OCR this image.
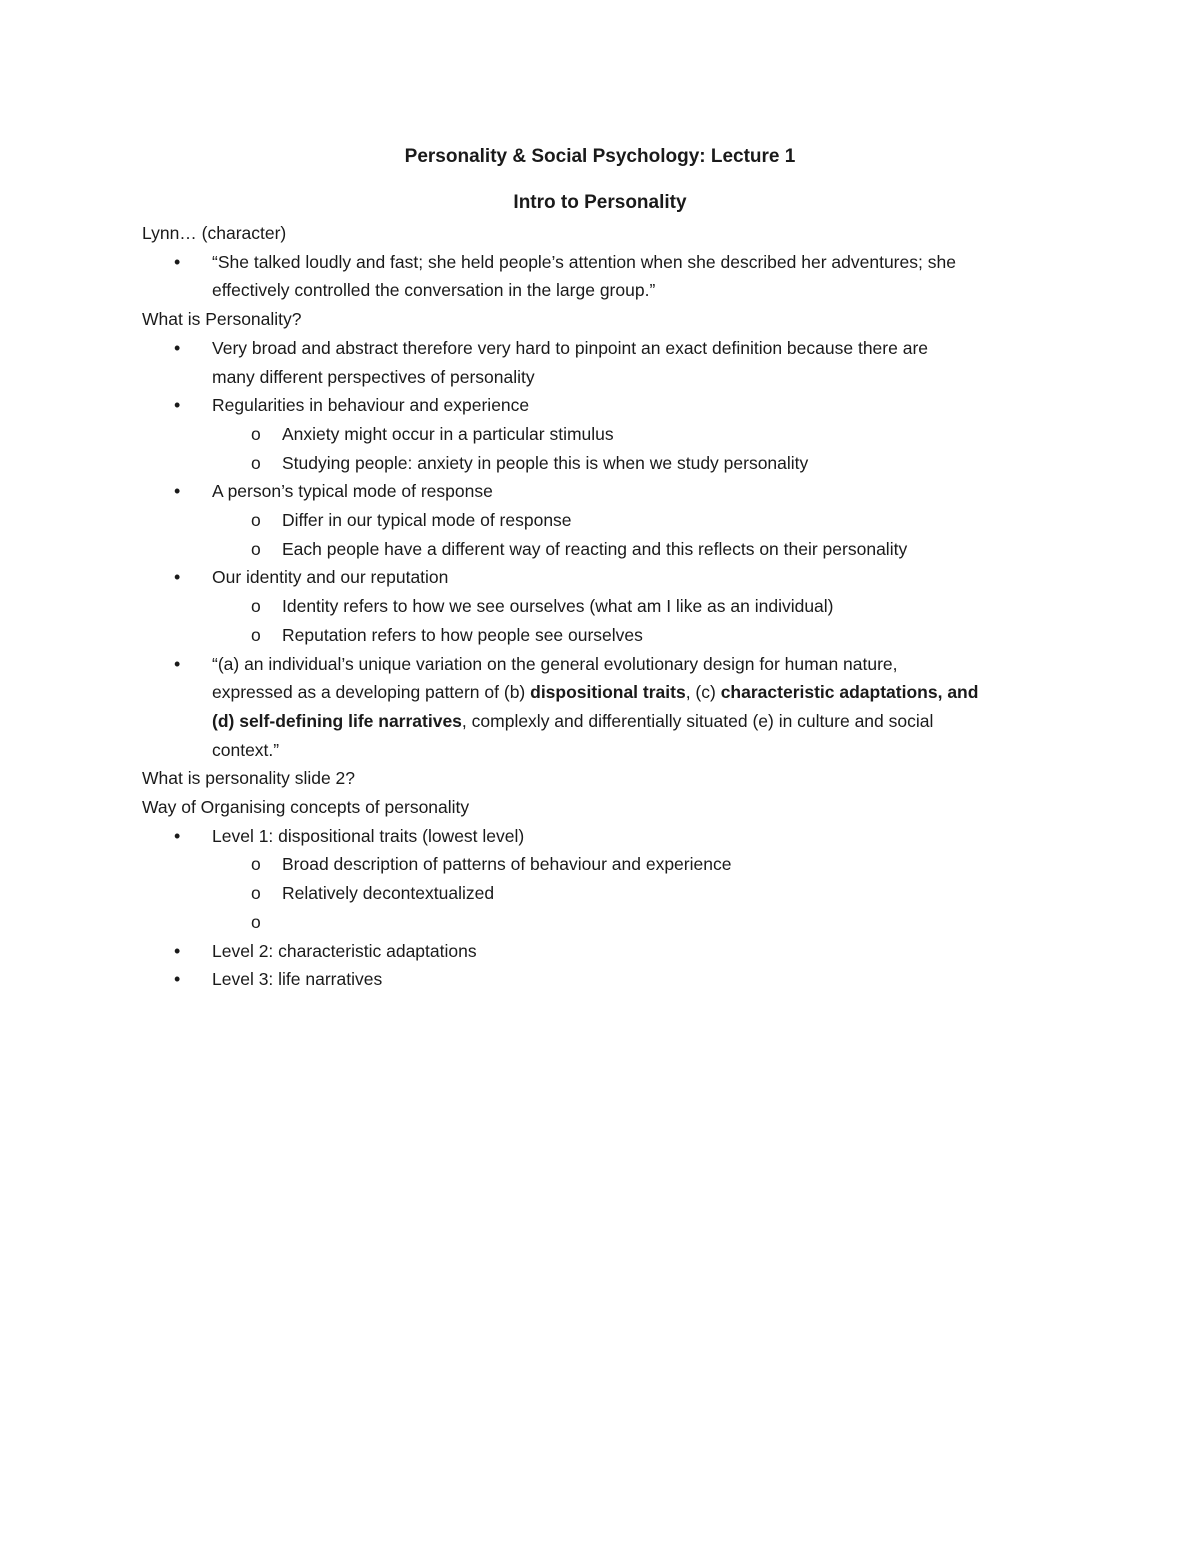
Personality & Social Psychology: Lecture 1
Intro to Personality
Lynn… (character)
• “She talked loudly and fast; she held people’s attention when she described her adventures; she
effectively controlled the conversation in the large group.”
What is Personality?
• Very broad and abstract therefore very hard to pinpoint an exact definition because there are
many different perspectives of personality
• Regularities in behaviour and experience
o Anxiety might occur in a particular stimulus
o Studying people: anxiety in people this is when we study personality
• A person’s typical mode of response
o Differ in our typical mode of response
o Each people have a different way of reacting and this reflects on their personality
• Our identity and our reputation
o Identity refers to how we see ourselves (what am I like as an individual)
o Reputation refers to how people see ourselves
• “(a) an individual’s unique variation on the general evolutionary design for human nature,
expressed as a developing pattern of (b) dispositional traits, (c) characteristic adaptations, and
(d) self-defining life narratives, complexly and differentially situated (e) in culture and social
context.”
What is personality slide 2?
Way of Organising concepts of personality
• Level 1: dispositional traits (lowest level)
o Broad description of patterns of behaviour and experience
o Relatively decontextualized
o

• Level 2: characteristic adaptations
• Level 3: life narratives
